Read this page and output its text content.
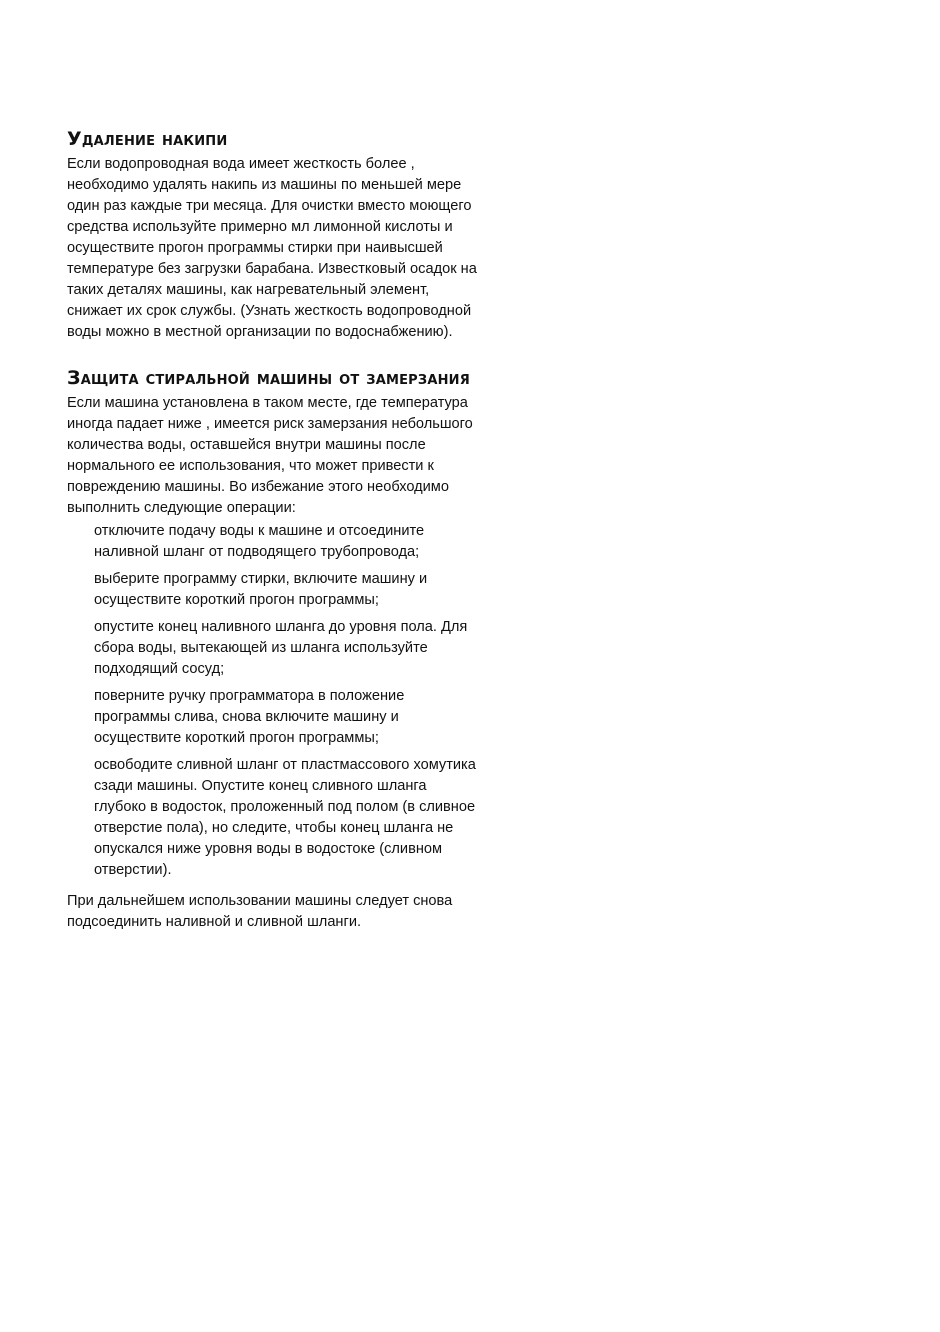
Удаление накипи

Если водопроводная вода имеет жесткость более , необходимо удалять накипь из машины по меньшей мере один раз каждые три месяца. Для очистки вместо моющего средства используйте примерно мл лимонной кислоты и осуществите прогон программы стирки при наивысшей температуре без загрузки барабана. Известковый осадок на таких деталях машины, как нагревательный элемент, снижает их срок службы. (Узнать жесткость водопроводной воды можно в местной организации по водоснабжению).

Защита стиральной машины от замерзания

Если машина установлена в таком месте, где температура иногда падает ниже , имеется риск замерзания небольшого количества воды, оставшейся внутри машины после нормального ее использования, что может привести к повреждению машины. Во избежание этого необходимо выполнить следующие операции:

отключите подачу воды к машине и отсоедините наливной шланг от подводящего трубопровода;
выберите программу стирки, включите машину и осуществите короткий прогон программы;
опустите конец наливного шланга до уровня пола. Для сбора воды, вытекающей из шланга используйте подходящий сосуд;
поверните ручку программатора в положение программы слива, снова включите машину и осуществите короткий прогон программы;
освободите сливной шланг от пластмассового хомутика сзади машины. Опустите конец сливного шланга глубоко в водосток, проложенный под полом (в сливное отверстие пола), но следите, чтобы конец шланга не опускался ниже уровня воды в водостоке (сливном отверстии).

При дальнейшем использовании машины следует снова подсоединить наливной и сливной шланги.
